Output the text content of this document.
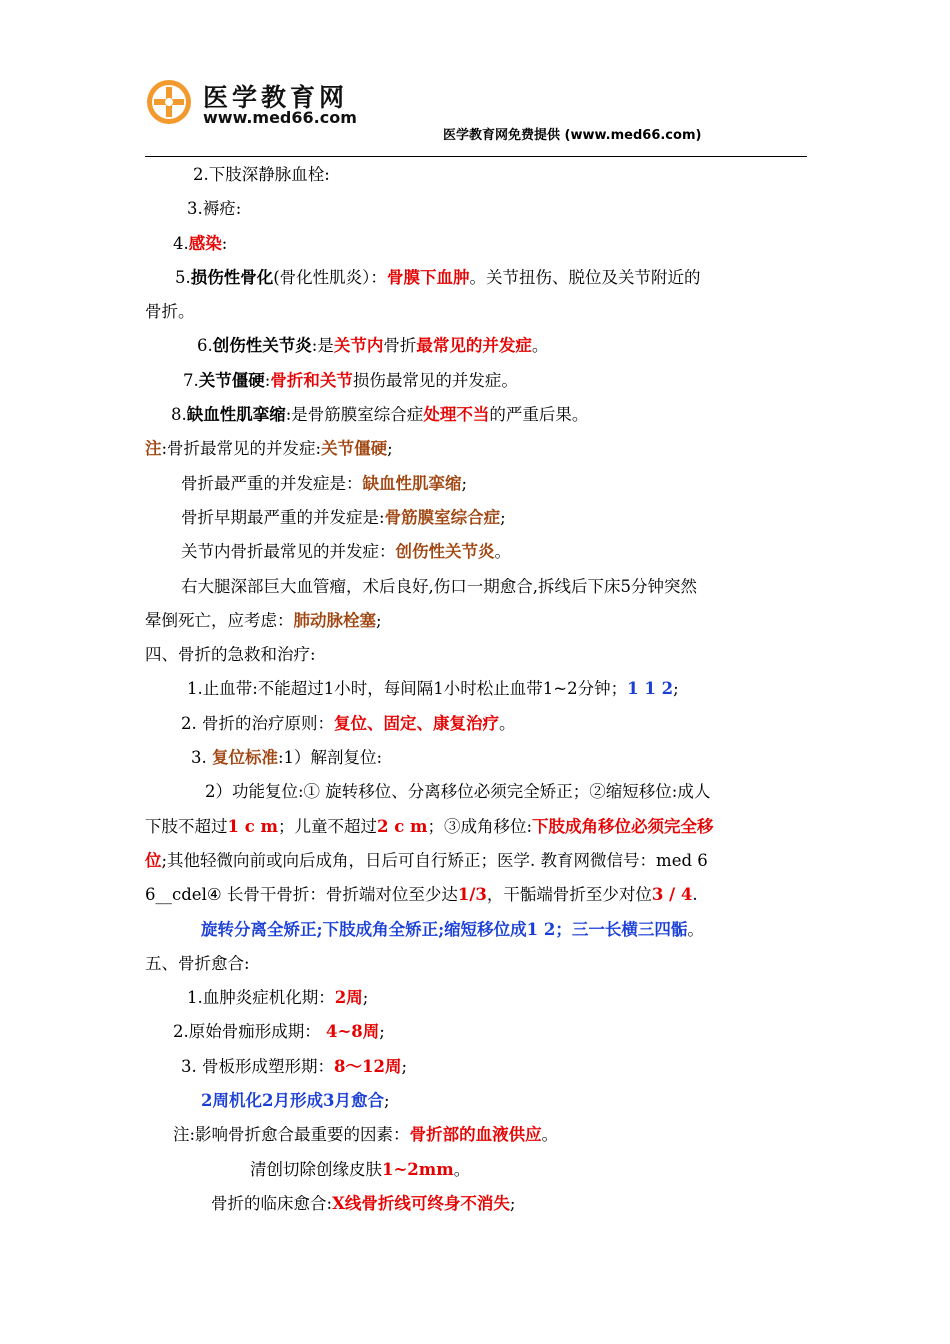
医学教育网
www.med66.com
医学教育网免费提供 (www.med66.com)
2.下肢深静脉血栓:
3.褥疮:
4.感染:
5.损伤性骨化(骨化性肌炎）：骨膜下血肿。关节扭伤、脱位及关节附近的
骨折。
6.创伤性关节炎:是关节内骨折最常见的并发症。
7.关节僵硬:骨折和关节损伤最常见的并发症。
8.缺血性肌挛缩:是骨筋膜室综合症处理不当的严重后果。
注:骨折最常见的并发症:关节僵硬;
骨折最严重的并发症是：缺血性肌挛缩;
骨折早期最严重的并发症是:骨筋膜室综合症;
关节内骨折最常见的并发症：创伤性关节炎。
右大腿深部巨大血管瘤，术后良好,伤口一期愈合,拆线后下床5分钟突然
晕倒死亡，应考虑：肺动脉栓塞;
四、骨折的急救和治疗:
1.止血带:不能超过1小时，每间隔1小时松止血带1~2分钟；1 1 2;
2. 骨折的治疗原则：复位、固定、康复治疗。
3. 复位标准:1）解剖复位:
2）功能复位:① 旋转移位、分离移位必须完全矫正；②缩短移位:成人
下肢不超过1 c m；儿童不超过2 c m；③成角移位:下肢成角移位必须完全移
位;其他轻微向前或向后成角，日后可自行矫正；医学. 教育网微信号：med 6
6__cdel④ 长骨干骨折：骨折端对位至少达1/3，干骺端骨折至少对位3 / 4.
旋转分离全矫正;下肢成角全矫正;缩短移位成1 2；三一长横三四骺。
五、骨折愈合:
1.血肿炎症机化期：2周;
2.原始骨痂形成期： 4~8周;
3. 骨板形成塑形期：8～12周;
2周机化2月形成3月愈合;
注:影响骨折愈合最重要的因素：骨折部的血液供应。
清创切除创缘皮肤1~2mm。
骨折的临床愈合:X线骨折线可终身不消失;
